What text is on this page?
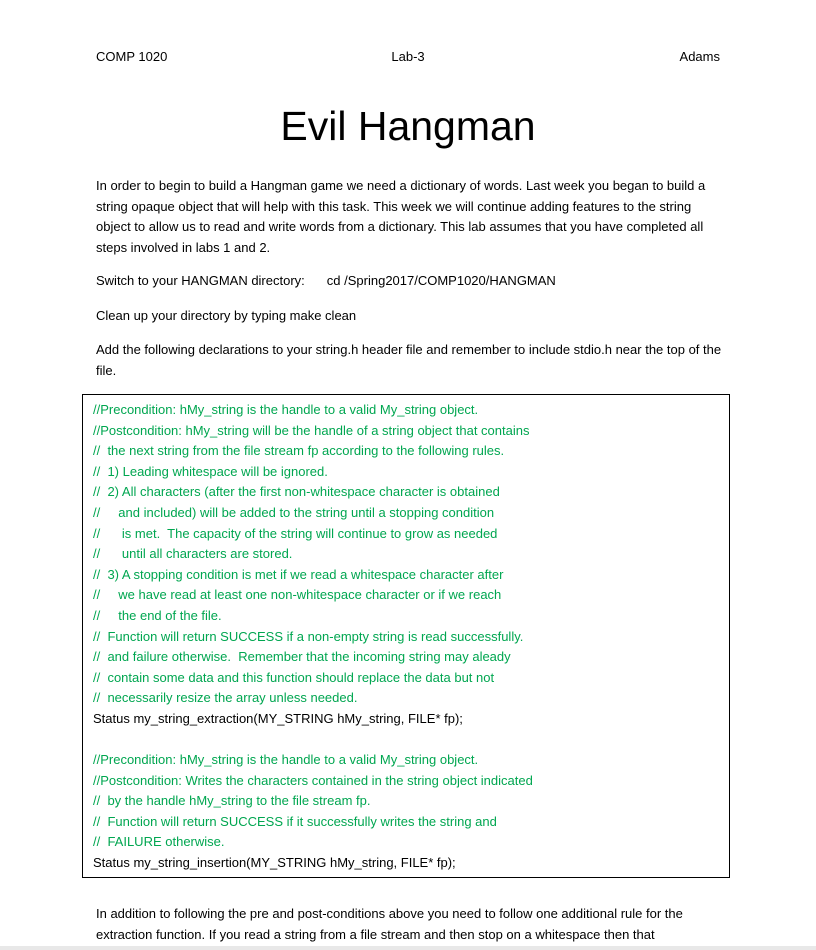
COMP 1020	Lab-3	Adams
Evil Hangman

In order to begin to build a Hangman game we need a dictionary of words. Last week you began to build a string opaque object that will help with this task. This week we will continue adding features to the string object to allow us to read and write words from a dictionary. This lab assumes that you have completed all steps involved in labs 1 and 2.

Switch to your HANGMAN directory: cd /Spring2017/COMP1020/HANGMAN

Clean up your directory by typing make clean

Add the following declarations to your string.h header file and remember to include stdio.h near the top of the file.

//Precondition: hMy_string is the handle to a valid My_string object.
//Postcondition: hMy_string will be the handle of a string object that contains
//  the next string from the file stream fp according to the following rules.
//  1) Leading whitespace will be ignored.
//  2) All characters (after the first non-whitespace character is obtained
//     and included) will be added to the string until a stopping condition
//      is met.  The capacity of the string will continue to grow as needed
//      until all characters are stored.
//  3) A stopping condition is met if we read a whitespace character after
//     we have read at least one non-whitespace character or if we reach
//     the end of the file.
//  Function will return SUCCESS if a non-empty string is read successfully.
//  and failure otherwise.  Remember that the incoming string may aleady
//  contain some data and this function should replace the data but not
//  necessarily resize the array unless needed.
Status my_string_extraction(MY_STRING hMy_string, FILE* fp);
//Precondition: hMy_string is the handle to a valid My_string object.
//Postcondition: Writes the characters contained in the string object indicated
//  by the handle hMy_string to the file stream fp.
//  Function will return SUCCESS if it successfully writes the string and
//  FAILURE otherwise.
Status my_string_insertion(MY_STRING hMy_string, FILE* fp);

In addition to following the pre and post-conditions above you need to follow one additional rule for the extraction function. If you read a string from a file stream and then stop on a whitespace then that
